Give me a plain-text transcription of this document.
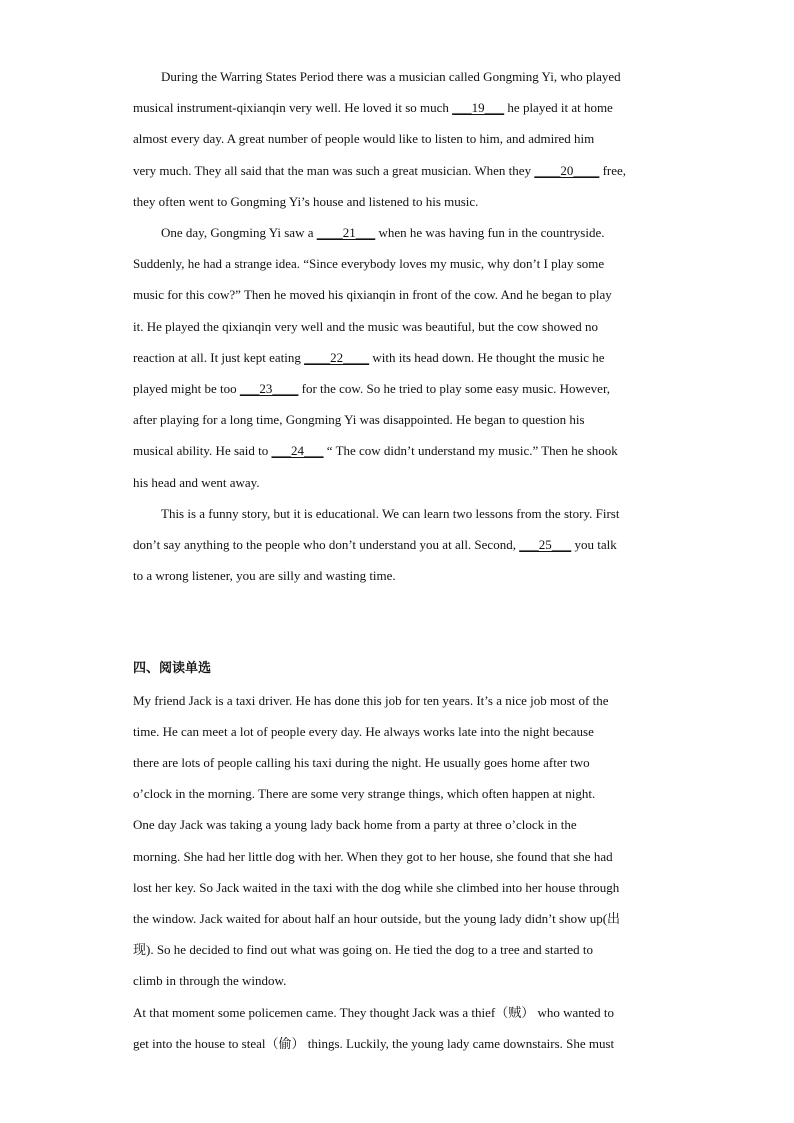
During the Warring States Period there was a musician called Gongming Yi, who played
musical instrument-qixianqin very well. He loved it so much ___19___ he played it at home
almost every day. A great number of people would like to listen to him, and admired him
very much. They all said that the man was such a great musician. When they ____20____ free,
they often went to Gongming Yi’s house and listened to his music.
One day, Gongming Yi saw a ____21___ when he was having fun in the countryside.
Suddenly, he had a strange idea. “Since everybody loves my music, why don’t I play some
music for this cow?” Then he moved his qixianqin in front of the cow. And he began to play
it. He played the qixianqin very well and the music was beautiful, but the cow showed no
reaction at all. It just kept eating ____22____ with its head down. He thought the music he
played might be too ___23____ for the cow. So he tried to play some easy music. However,
after playing for a long time, Gongming Yi was disappointed. He began to question his
musical ability. He said to ___24___ “ The cow didn’t understand my music.” Then he shook
his head and went away.
This is a funny story, but it is educational. We can learn two lessons from the story. First
don’t say anything to the people who don’t understand you at all. Second, ___25___ you talk
to a wrong listener, you are silly and wasting time.

四、阅读单选

My friend Jack is a taxi driver. He has done this job for ten years. It’s a nice job most of the
time. He can meet a lot of people every day. He always works late into the night because
there are lots of people calling his taxi during the night. He usually goes home after two
o’clock in the morning. There are some very strange things, which often happen at night.
One day Jack was taking a young lady back home from a party at three o’clock in the
morning. She had her little dog with her. When they got to her house, she found that she had
lost her key. So Jack waited in the taxi with the dog while she climbed into her house through
the window. Jack waited for about half an hour outside, but the young lady didn’t show up(出
现). So he decided to find out what was going on. He tied the dog to a tree and started to
climb in through the window.
At that moment some policemen came. They thought Jack was a thief（贼） who wanted to
get into the house to steal（偷） things. Luckily, the young lady came downstairs. She must
